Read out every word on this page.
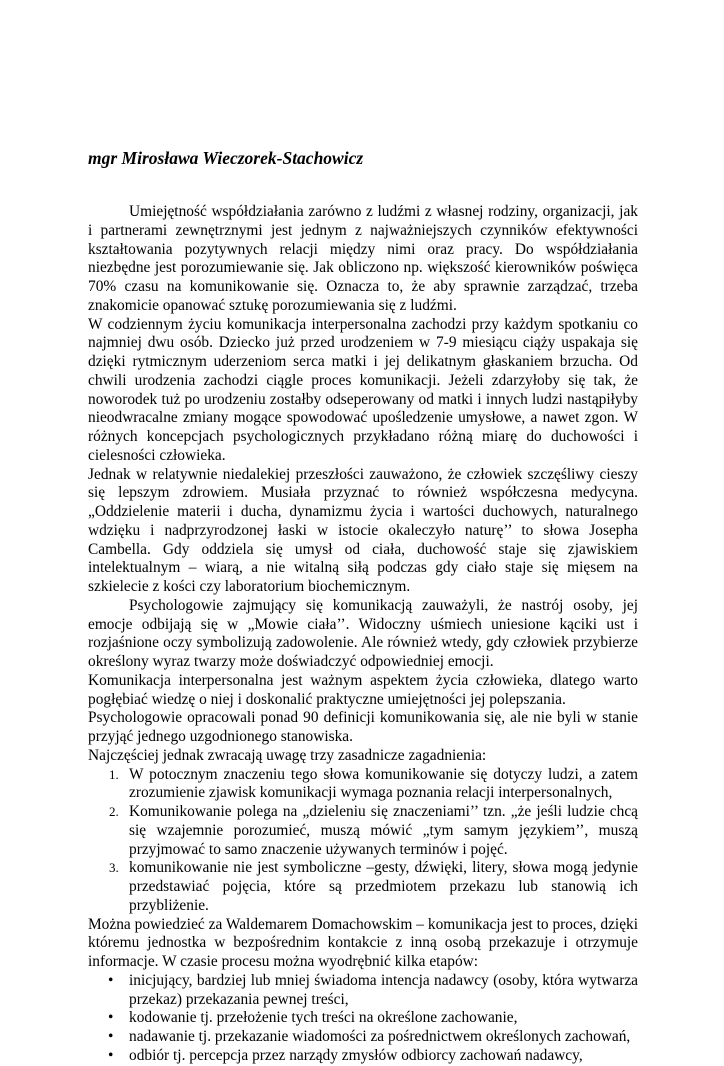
mgr Mirosława Wieczorek-Stachowicz

Umiejętność współdziałania zarówno z ludźmi z własnej rodziny, organizacji, jak i partnerami zewnętrznymi jest jednym z najważniejszych czynników efektywności kształtowania pozytywnych relacji między nimi oraz pracy. Do współdziałania niezbędne jest porozumiewanie się. Jak obliczono np. większość kierowników poświęca 70% czasu na komunikowanie się. Oznacza to, że aby sprawnie zarządzać, trzeba znakomicie opanować sztukę porozumiewania się z ludźmi.

W codziennym życiu komunikacja interpersonalna zachodzi przy każdym spotkaniu co najmniej dwu osób. Dziecko już przed urodzeniem w 7-9 miesiącu ciąży uspakaja się dzięki rytmicznym uderzeniom serca matki i jej delikatnym głaskaniem brzucha. Od chwili urodzenia zachodzi ciągle proces komunikacji. Jeżeli zdarzyłoby się tak, że noworodek tuż po urodzeniu zostałby odseperowany od matki i innych ludzi nastąpiłyby nieodwracalne zmiany mogące spowodować upośledzenie umysłowe, a nawet zgon. W różnych koncepcjach psychologicznych przykładano różną miarę do duchowości i cielesności człowieka.

Jednak w relatywnie niedalekiej przeszłości zauważono, że człowiek szczęśliwy cieszy się lepszym zdrowiem. Musiała przyznać to również współczesna medycyna. „Oddzielenie materii i ducha, dynamizmu życia i wartości duchowych, naturalnego wdzięku i nadprzyrodzonej łaski w istocie okaleczyło naturę’’ to słowa Josepha Cambella. Gdy oddziela się umysł od ciała, duchowość staje się zjawiskiem intelektualnym – wiarą, a nie witalną siłą podczas gdy ciało staje się mięsem na szkielecie z kości czy laboratorium biochemicznym.

Psychologowie zajmujący się komunikacją zauważyli, że nastrój osoby, jej emocje odbijają się w „Mowie ciała’’. Widoczny uśmiech uniesione kąciki ust i rozjaśnione oczy symbolizują zadowolenie. Ale również wtedy, gdy człowiek przybierze określony wyraz twarzy może doświadczyć odpowiedniej emocji.

Komunikacja interpersonalna jest ważnym aspektem życia człowieka, dlatego warto pogłębiać wiedzę o niej i doskonalić praktyczne umiejętności jej polepszania.

Psychologowie opracowali ponad 90 definicji komunikowania się, ale nie byli w stanie przyjąć jednego uzgodnionego stanowiska.

Najczęściej jednak zwracają uwagę trzy zasadnicze zagadnienia:

1. W potocznym znaczeniu tego słowa komunikowanie się dotyczy ludzi, a zatem zrozumienie zjawisk komunikacji wymaga poznania relacji interpersonalnych,
2. Komunikowanie polega na „dzieleniu się znaczeniami’’ tzn. „że jeśli ludzie chcą się wzajemnie porozumieć, muszą mówić „tym samym językiem’’, muszą przyjmować to samo znaczenie używanych terminów i pojęć.
3. komunikowanie nie jest symboliczne –gesty, dźwięki, litery, słowa mogą jedynie przedstawiać pojęcia, które są przedmiotem przekazu lub stanowią ich przybliżenie.

Można powiedzieć za Waldemarem Domachowskim – komunikacja jest to proces, dzięki któremu jednostka w bezpośrednim kontakcie z inną osobą przekazuje i otrzymuje informacje. W czasie procesu można wyodrębnić kilka etapów:

• inicjujący, bardziej lub mniej świadoma intencja nadawcy (osoby, która wytwarza przekaz) przekazania pewnej treści,
• kodowanie tj. przełożenie tych treści na określone zachowanie,
• nadawanie tj. przekazanie wiadomości za pośrednictwem określonych zachowań,
• odbiór tj. percepcja przez narządy zmysłów odbiorcy zachowań nadawcy,
